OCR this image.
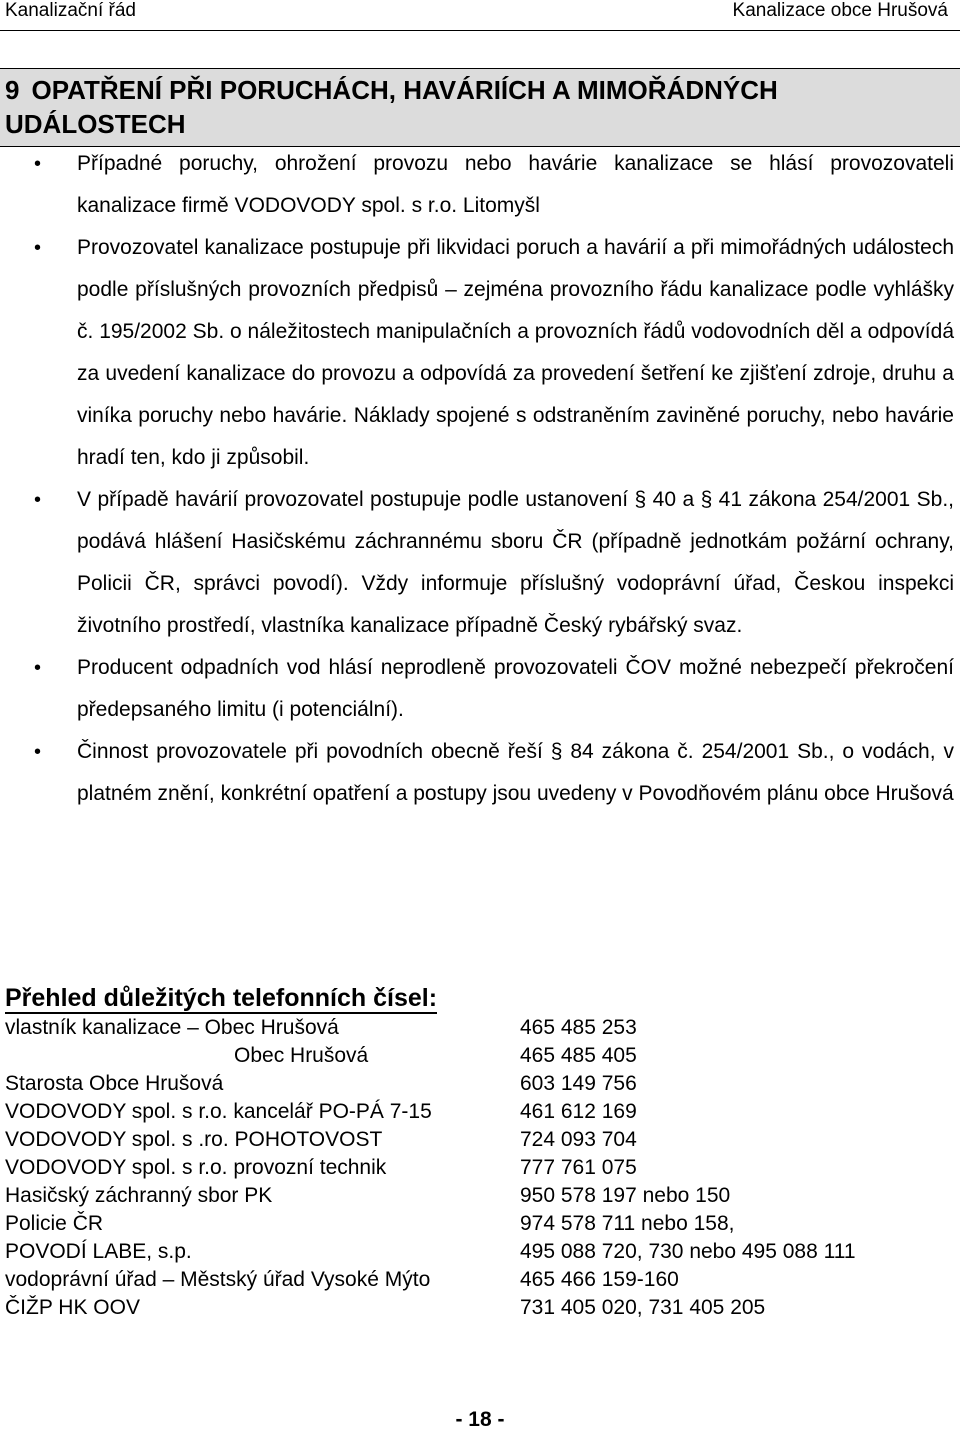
Kanalizační řád	Kanalizace obce Hrušová
9 OPATŘENÍ PŘI PORUCHÁCH, HAVÁRIÍCH A MIMOŘÁDNÝCH UDÁLOSTECH
• Případné poruchy, ohrožení provozu nebo havárie kanalizace se hlásí provozovateli kanalizace firmě VODOVODY spol. s r.o. Litomyšl
• Provozovatel kanalizace postupuje při likvidaci poruch a havárií a při mimořádných událostech podle příslušných provozních předpisů – zejména provozního řádu kanalizace podle vyhlášky č. 195/2002 Sb. o náležitostech manipulačních a provozních řádů vodovodních děl a odpovídá za uvedení kanalizace do provozu a odpovídá za provedení šetření ke zjišťení zdroje, druhu a viníka poruchy nebo havárie. Náklady spojené s odstraněním zaviněné poruchy, nebo havárie hradí ten, kdo ji způsobil.
• V případě havárií provozovatel postupuje podle ustanovení § 40 a § 41 zákona 254/2001 Sb., podává hlášení Hasičskému záchrannému sboru ČR (případně jednotkám požární ochrany, Policii ČR, správci povodí). Vždy informuje příslušný vodoprávní úřad, Českou inspekci životního prostředí, vlastníka kanalizace případně Český rybářský svaz.
• Producent odpadních vod hlásí neprodleně provozovateli ČOV možné nebezpečí překročení předepsaného limitu (i potenciální).
• Činnost provozovatele při povodních obecně řeší § 84 zákona č. 254/2001 Sb., o vodách, v platném znění, konkrétní opatření a postupy jsou uvedeny v Povodňovém plánu obce Hrušová
Přehled důležitých telefonních čísel:
vlastník kanalizace – Obec Hrušová	465 485 253
Obec Hrušová	465 485 405
Starosta Obce Hrušová	603 149 756
VODOVODY spol. s r.o. kancelář PO-PÁ 7-15	461 612 169
VODOVODY spol. s .ro. POHOTOVOST	724 093 704
VODOVODY spol. s r.o. provozní technik	777 761 075
Hasičský záchranný sbor PK	950 578 197 nebo 150
Policie ČR	974 578 711 nebo 158,
POVODÍ LABE, s.p.	495 088 720, 730 nebo 495 088 111
vodoprávní úřad – Městský úřad Vysoké Mýto	465 466 159-160
ČIŽP HK OOV	731 405 020, 731 405 205
- 18 -
